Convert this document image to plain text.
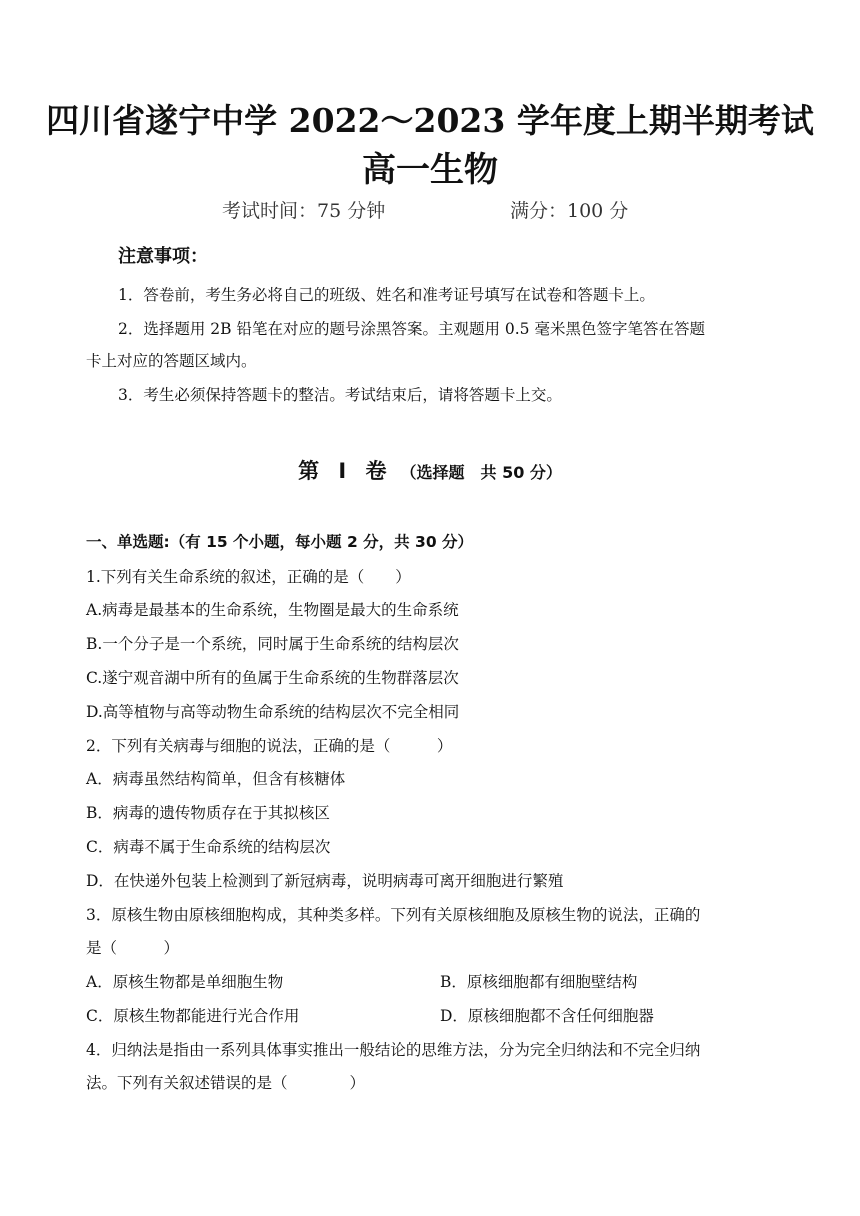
四川省遂宁中学 2022～2023 学年度上期半期考试
高一生物
考试时间：75 分钟	满分：100 分
注意事项：
1．答卷前，考生务必将自己的班级、姓名和准考证号填写在试卷和答题卡上。
2．选择题用 2B 铅笔在对应的题号涂黑答案。主观题用 0.5 毫米黑色签字笔答在答题
卡上对应的答题区域内。
3．考生必须保持答题卡的整洁。考试结束后，请将答题卡上交。
第 I 卷 （选择题　共 50 分）
一、单选题:（有 15 个小题，每小题 2 分，共 30 分）
1.下列有关生命系统的叙述，正确的是（　　）
A.病毒是最基本的生命系统，生物圈是最大的生命系统
B.一个分子是一个系统，同时属于生命系统的结构层次
C.遂宁观音湖中所有的鱼属于生命系统的生物群落层次
D.高等植物与高等动物生命系统的结构层次不完全相同
2．下列有关病毒与细胞的说法，正确的是（　　　）
A．病毒虽然结构简单，但含有核糖体
B．病毒的遗传物质存在于其拟核区
C．病毒不属于生命系统的结构层次
D．在快递外包装上检测到了新冠病毒，说明病毒可离开细胞进行繁殖
3．原核生物由原核细胞构成，其种类多样。下列有关原核细胞及原核生物的说法，正确的
是（　　　）
A．原核生物都是单细胞生物	B．原核细胞都有细胞壁结构
C．原核生物都能进行光合作用	D．原核细胞都不含任何细胞器
4．归纳法是指由一系列具体事实推出一般结论的思维方法，分为完全归纳法和不完全归纳
法。下列有关叙述错误的是（　　　　）
